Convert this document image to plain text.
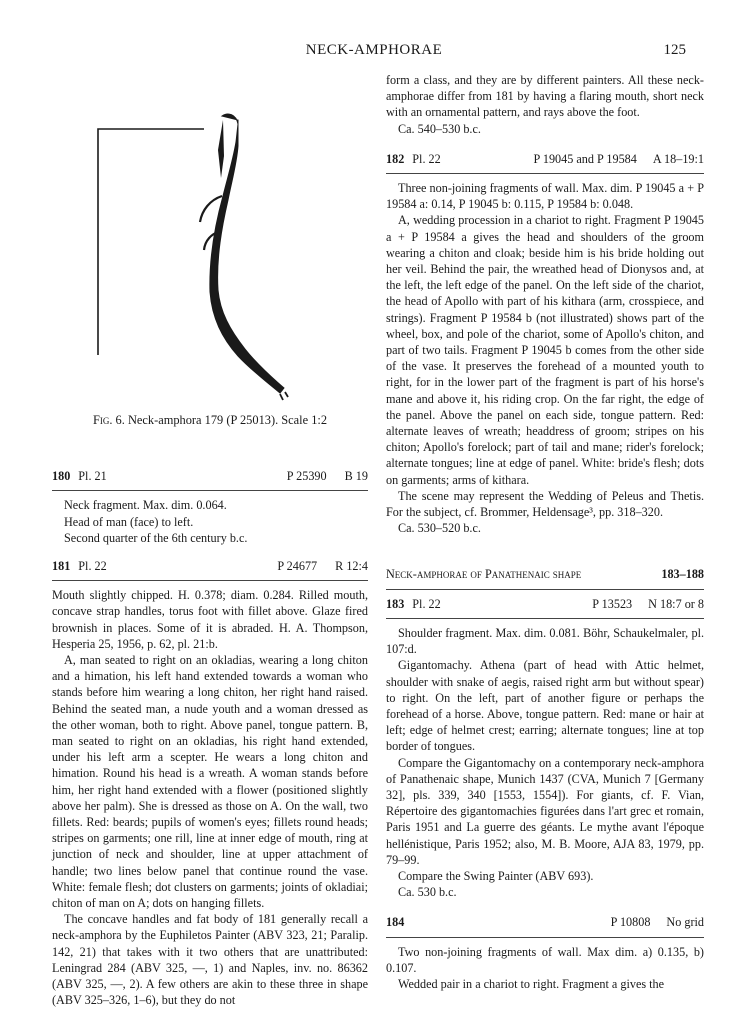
NECK-AMPHORAE	125
Fig. 6. Neck-amphora 179 (P 25013). Scale 1:2
180 Pl. 21	P 25390 B 19
Neck fragment. Max. dim. 0.064.
Head of man (face) to left.
Second quarter of the 6th century b.c.
181 Pl. 22	P 24677 R 12:4

Mouth slightly chipped. H. 0.378; diam. 0.284. Rilled mouth, concave strap handles, torus foot with fillet above. Glaze fired brownish in places. Some of it is abraded. H. A. Thompson, Hesperia 25, 1956, p. 62, pl. 21:b.

A, man seated to right on an okladias, wearing a long chiton and a himation, his left hand extended towards a woman who stands before him wearing a long chiton, her right hand raised. Behind the seated man, a nude youth and a woman dressed as the other woman, both to right. Above panel, tongue pattern. B, man seated to right on an okladias, his right hand extended, under his left arm a scepter. He wears a long chiton and himation. Round his head is a wreath. A woman stands before him, her right hand extended with a flower (positioned slightly above her palm). She is dressed as those on A. On the wall, two fillets. Red: beards; pupils of women's eyes; fillets round heads; stripes on garments; one rill, line at inner edge of mouth, ring at junction of neck and shoulder, line at upper attachment of handle; two lines below panel that continue round the vase. White: female flesh; dot clusters on garments; joints of okladiai; chiton of man on A; dots on hanging fillets.

The concave handles and fat body of 181 generally recall a neck-amphora by the Euphiletos Painter (ABV 323, 21; Paralip. 142, 21) that takes with it two others that are unattributed: Leningrad 284 (ABV 325, —, 1) and Naples, inv. no. 86362 (ABV 325, —, 2). A few others are akin to these three in shape (ABV 325–326, 1–6), but they do not

form a class, and they are by different painters. All these neck-amphorae differ from 181 by having a flaring mouth, short neck with an ornamental pattern, and rays above the foot.

Ca. 540–530 b.c.
182 Pl. 22	P 19045 and P 19584 A 18–19:1

Three non-joining fragments of wall. Max. dim. P 19045 a + P 19584 a: 0.14, P 19045 b: 0.115, P 19584 b: 0.048.

A, wedding procession in a chariot to right. Fragment P 19045 a + P 19584 a gives the head and shoulders of the groom wearing a chiton and cloak; beside him is his bride holding out her veil. Behind the pair, the wreathed head of Dionysos and, at the left, the left edge of the panel. On the left side of the chariot, the head of Apollo with part of his kithara (arm, crosspiece, and strings). Fragment P 19584 b (not illustrated) shows part of the wheel, box, and pole of the chariot, some of Apollo's chiton, and part of two tails. Fragment P 19045 b comes from the other side of the vase. It preserves the forehead of a mounted youth to right, for in the lower part of the fragment is part of his horse's mane and above it, his riding crop. On the far right, the edge of the panel. Above the panel on each side, tongue pattern. Red: alternate leaves of wreath; headdress of groom; stripes on his chiton; Apollo's forelock; part of tail and mane; rider's forelock; alternate tongues; line at edge of panel. White: bride's flesh; dots on garments; arms of kithara.

The scene may represent the Wedding of Peleus and Thetis. For the subject, cf. Brommer, Heldensage³, pp. 318–320.

Ca. 530–520 b.c.
Neck-amphorae of Panathenaic shape	183–188
183 Pl. 22	P 13523 N 18:7 or 8

Shoulder fragment. Max. dim. 0.081. Böhr, Schaukelmaler, pl. 107:d.

Gigantomachy. Athena (part of head with Attic helmet, shoulder with snake of aegis, raised right arm but without spear) to right. On the left, part of another figure or perhaps the forehead of a horse. Above, tongue pattern. Red: mane or hair at left; edge of helmet crest; earring; alternate tongues; line at top border of tongues.

Compare the Gigantomachy on a contemporary neck-amphora of Panathenaic shape, Munich 1437 (CVA, Munich 7 [Germany 32], pls. 339, 340 [1553, 1554]). For giants, cf. F. Vian, Répertoire des gigantomachies figurées dans l'art grec et romain, Paris 1951 and La guerre des géants. Le mythe avant l'époque hellénistique, Paris 1952; also, M. B. Moore, AJA 83, 1979, pp. 79–99.

Compare the Swing Painter (ABV 693).

Ca. 530 b.c.
184	P 10808 No grid

Two non-joining fragments of wall. Max dim. a) 0.135, b) 0.107.

Wedded pair in a chariot to right. Fragment a gives the
